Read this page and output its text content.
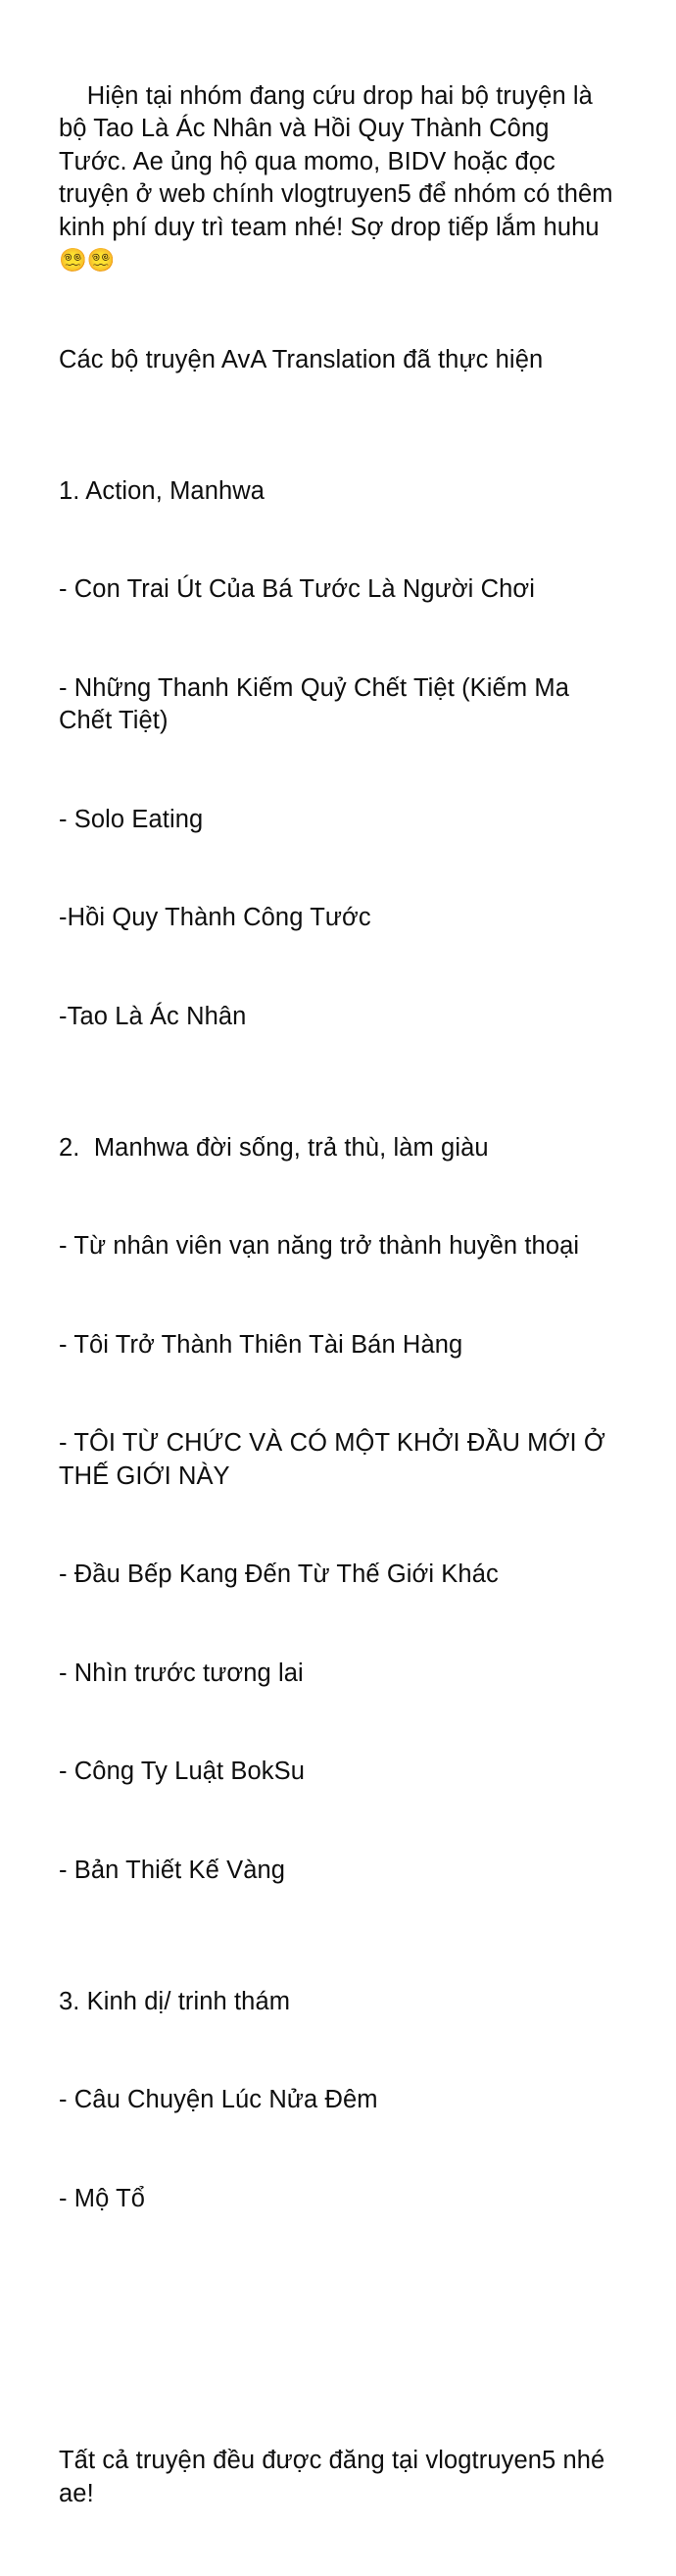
Hiện tại nhóm đang cứu drop hai bộ truyện là bộ Tao Là Ác Nhân và Hồi Quy Thành Công Tước. Ae ủng hộ qua momo, BIDV hoặc đọc truyện ở web chính vlogtruyen5 để nhóm có thêm kinh phí duy trì team nhé! Sợ drop tiếp lắm huhu 😵‍💫😵‍💫

Các bộ truyện AvA Translation đã thực hiện

1. Action, Manhwa

- Con Trai Út Của Bá Tước Là Người Chơi

- Những Thanh Kiếm Quỷ Chết Tiệt (Kiếm Ma Chết Tiệt)

- Solo Eating

-Hồi Quy Thành Công Tước

-Tao Là Ác Nhân

2.  Manhwa đời sống, trả thù, làm giàu

- Từ nhân viên vạn năng trở thành huyền thoại

- Tôi Trở Thành Thiên Tài Bán Hàng

- TÔI TỪ CHỨC VÀ CÓ MỘT KHỞI ĐẦU MỚI Ở THẾ GIỚI NÀY

- Đầu Bếp Kang Đến Từ Thế Giới Khác

- Nhìn trước tương lai

- Công Ty Luật BokSu

- Bản Thiết Kế Vàng

3. Kinh dị/ trinh thám

- Câu Chuyện Lúc Nửa Đêm

- Mộ Tổ

Tất cả truyện đều được đăng tại vlogtruyen5 nhé ae!
